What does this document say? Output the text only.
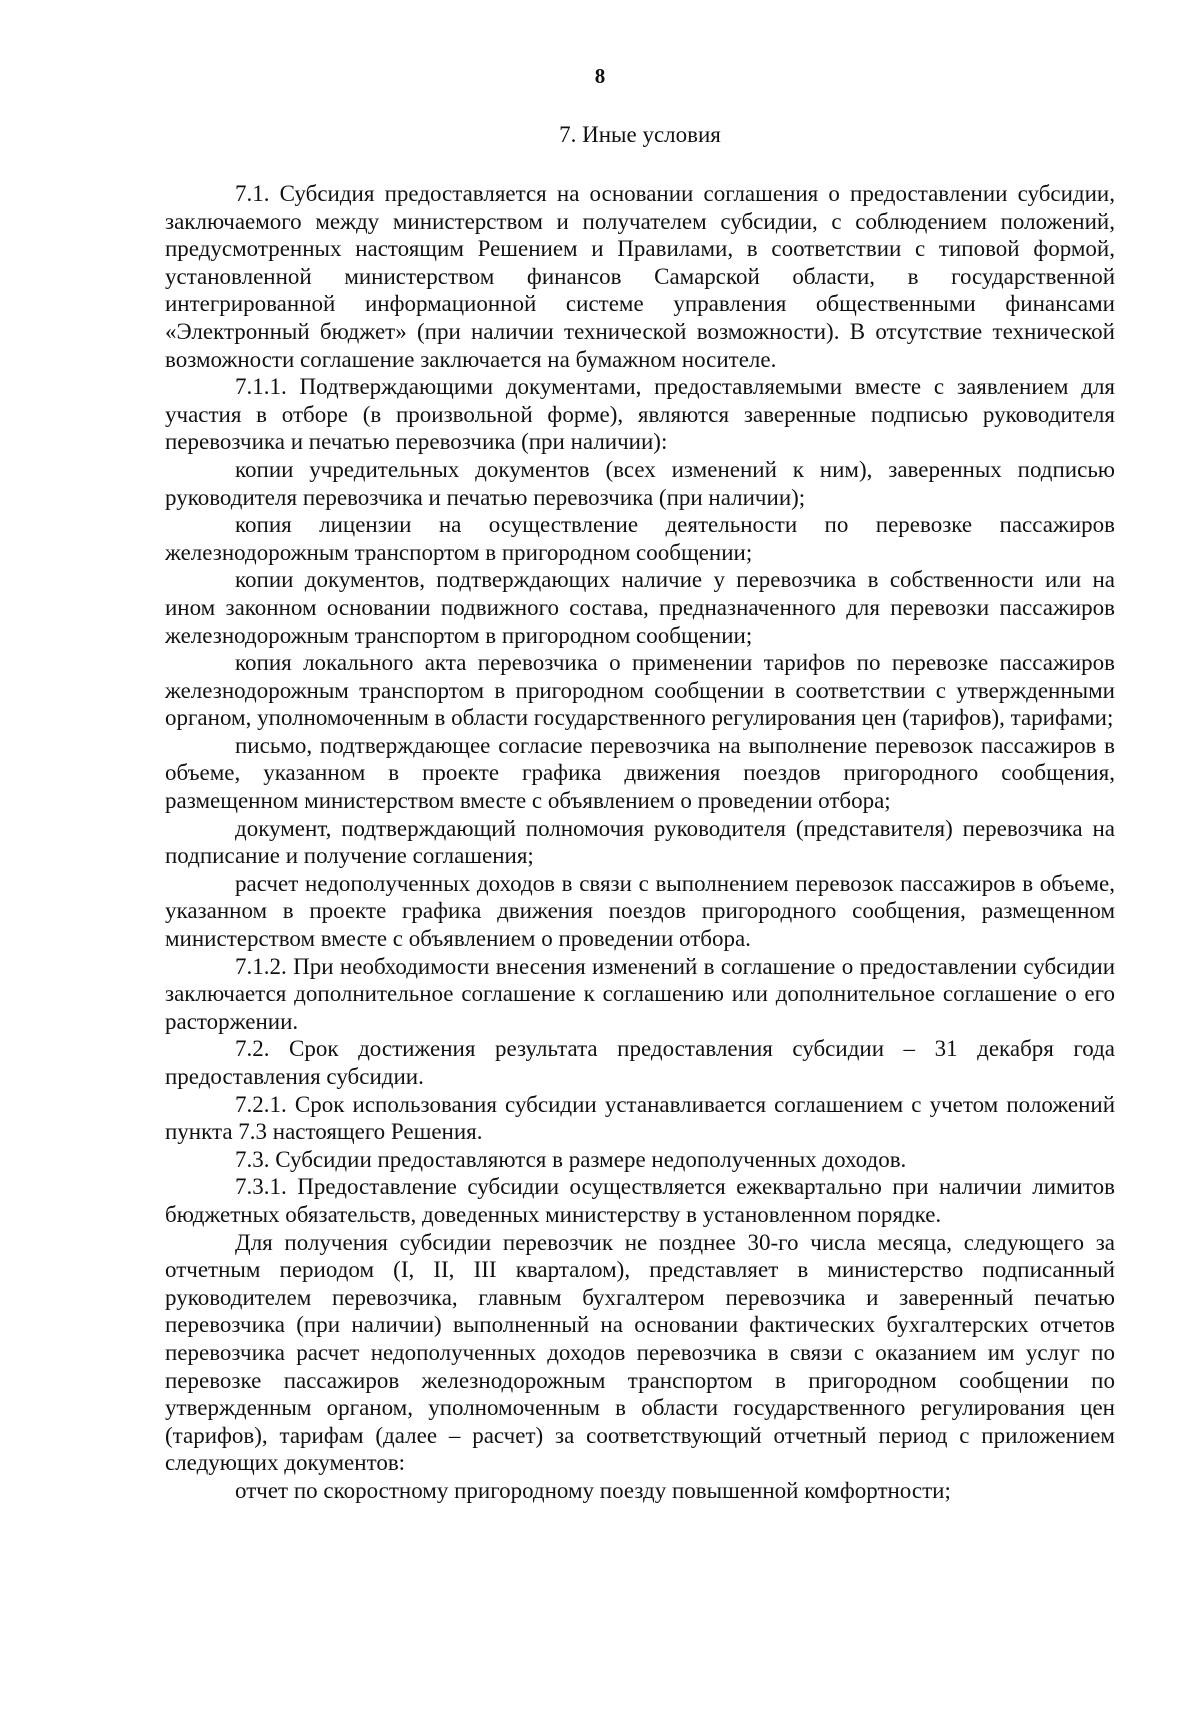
8
7. Иные условия

7.1. Субсидия предоставляется на основании соглашения о предоставлении субсидии, заключаемого между министерством и получателем субсидии, с соблюдением положений, предусмотренных настоящим Решением и Правилами, в соответствии с типовой формой, установленной министерством финансов Самарской области, в государственной интегрированной информационной системе управления общественными финансами «Электронный бюджет» (при наличии технической возможности). В отсутствие технической возможности соглашение заключается на бумажном носителе.

7.1.1. Подтверждающими документами, предоставляемыми вместе с заявлением для участия в отборе (в произвольной форме), являются заверенные подписью руководителя перевозчика и печатью перевозчика (при наличии):

копии учредительных документов (всех изменений к ним), заверенных подписью руководителя перевозчика и печатью перевозчика (при наличии);

копия лицензии на осуществление деятельности по перевозке пассажиров железнодорожным транспортом в пригородном сообщении;

копии документов, подтверждающих наличие у перевозчика в собственности или на ином законном основании подвижного состава, предназначенного для перевозки пассажиров железнодорожным транспортом в пригородном сообщении;

копия локального акта перевозчика о применении тарифов по перевозке пассажиров железнодорожным транспортом в пригородном сообщении в соответствии с утвержденными органом, уполномоченным в области государственного регулирования цен (тарифов), тарифами;

письмо, подтверждающее согласие перевозчика на выполнение перевозок пассажиров в объеме, указанном в проекте графика движения поездов пригородного сообщения, размещенном министерством вместе с объявлением о проведении отбора;

документ, подтверждающий полномочия руководителя (представителя) перевозчика на подписание и получение соглашения;

расчет недополученных доходов в связи с выполнением перевозок пассажиров в объеме, указанном в проекте графика движения поездов пригородного сообщения, размещенном министерством вместе с объявлением о проведении отбора.

7.1.2. При необходимости внесения изменений в соглашение о предоставлении субсидии заключается дополнительное соглашение к соглашению или дополнительное соглашение о его расторжении.

7.2. Срок достижения результата предоставления субсидии – 31 декабря года предоставления субсидии.

7.2.1. Срок использования субсидии устанавливается соглашением с учетом положений пункта 7.3 настоящего Решения.

7.3. Субсидии предоставляются в размере недополученных доходов.

7.3.1. Предоставление субсидии осуществляется ежеквартально при наличии лимитов бюджетных обязательств, доведенных министерству в установленном порядке.

Для получения субсидии перевозчик не позднее 30-го числа месяца, следующего за отчетным периодом (I, II, III кварталом), представляет в министерство подписанный руководителем перевозчика, главным бухгалтером перевозчика и заверенный печатью перевозчика (при наличии) выполненный на основании фактических бухгалтерских отчетов перевозчика расчет недополученных доходов перевозчика в связи с оказанием им услуг по перевозке пассажиров железнодорожным транспортом в пригородном сообщении по утвержденным органом, уполномоченным в области государственного регулирования цен (тарифов), тарифам (далее – расчет) за соответствующий отчетный период с приложением следующих документов:

отчет по скоростному пригородному поезду повышенной комфортности;
